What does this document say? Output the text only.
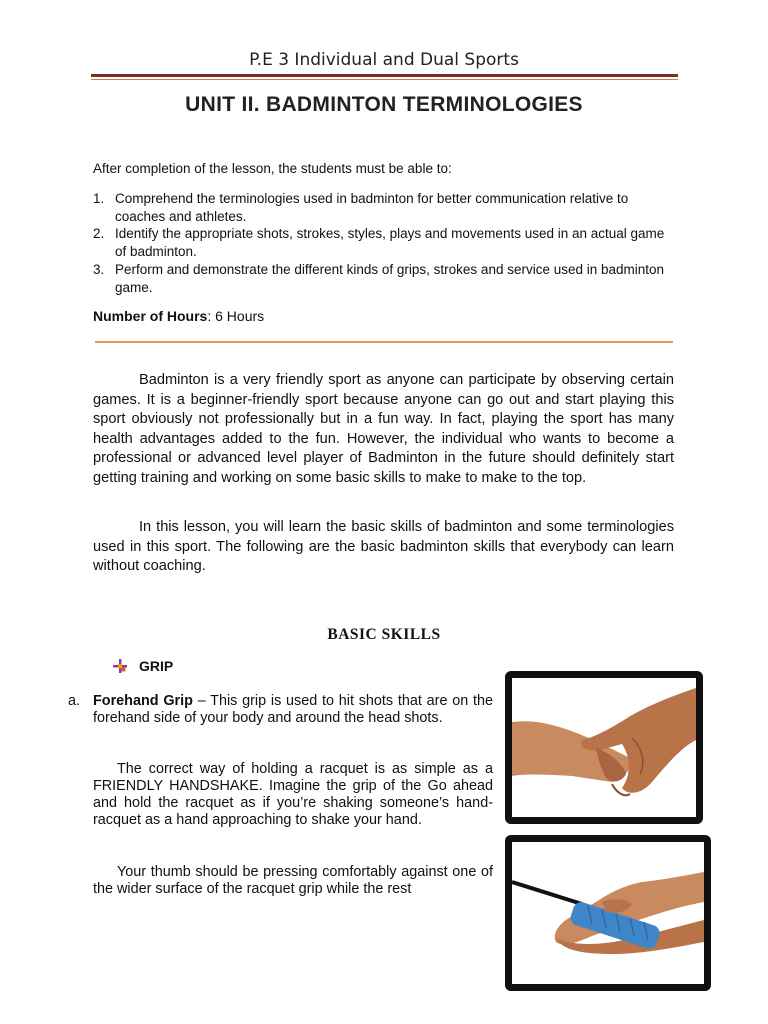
P.E 3 Individual and Dual Sports
UNIT II. BADMINTON TERMINOLOGIES
After completion of the lesson, the students must be able to:
1. Comprehend the terminologies used in badminton for better communication relative to coaches and athletes.
2. Identify the appropriate shots, strokes, styles, plays and movements used in an actual game of badminton.
3. Perform and demonstrate the different kinds of grips, strokes and service used in badminton game.
Number of Hours: 6 Hours
Badminton is a very friendly sport as anyone can participate by observing certain games. It is a beginner-friendly sport because anyone can go out and start playing this sport obviously not professionally but in a fun way. In fact, playing the sport has many health advantages added to the fun. However, the individual who wants to become a professional or advanced level player of Badminton in the future should definitely start getting training and working on some basic skills to make to make to the top.
In this lesson, you will learn the basic skills of badminton and some terminologies used in this sport. The following are the basic badminton skills that everybody can learn without coaching.
BASIC SKILLS
GRIP
a. Forehand Grip – This grip is used to hit shots that are on the forehand side of your body and around the head shots.
The correct way of holding a racquet is as simple as a FRIENDLY HANDSHAKE. Imagine the grip of the Go ahead and hold the racquet as if you’re shaking someone’s hand-racquet as a hand approaching to shake your hand.
Your thumb should be pressing comfortably against one of the wider surface of the racquet grip while the rest
